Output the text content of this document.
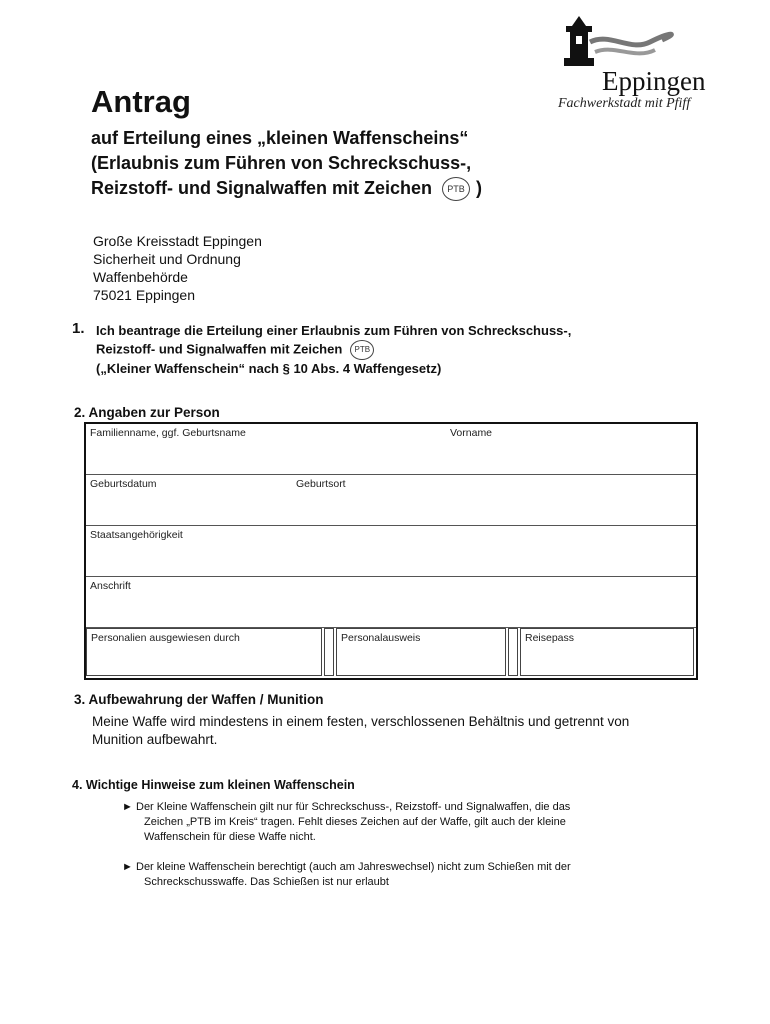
Eppingen
Fachwerkstadt mit Pfiff
Antrag
auf Erteilung eines „kleinen Waffenscheins“
(Erlaubnis zum Führen von Schreckschuss-,
Reizstoff- und Signalwaffen mit Zeichen PTB )
Große Kreisstadt Eppingen
Sicherheit und Ordnung
Waffenbehörde
75021 Eppingen
1. Ich beantrage die Erteilung einer Erlaubnis zum Führen von Schreckschuss-,
Reizstoff- und Signalwaffen mit Zeichen PTB
(„Kleiner Waffenschein“ nach § 10 Abs. 4 Waffengesetz)
2. Angaben zur Person
Familienname, ggf. Geburtsname	Vorname

Geburtsdatum	Geburtsort

Staatsangehörigkeit
Anschrift

Personalien ausgewiesen durch	Personalausweis	Reisepass
3. Aufbewahrung der Waffen / Munition
Meine Waffe wird mindestens in einem festen, verschlossenen Behältnis und getrennt von
Munition aufbewahrt.
4. Wichtige Hinweise zum kleinen Waffenschein
► Der Kleine Waffenschein gilt nur für Schreckschuss-, Reizstoff- und Signalwaffen, die das
Zeichen „PTB im Kreis“ tragen. Fehlt dieses Zeichen auf der Waffe, gilt auch der kleine
Waffenschein für diese Waffe nicht.
► Der kleine Waffenschein berechtigt (auch am Jahreswechsel) nicht zum Schießen mit der
Schreckschusswaffe. Das Schießen ist nur erlaubt
